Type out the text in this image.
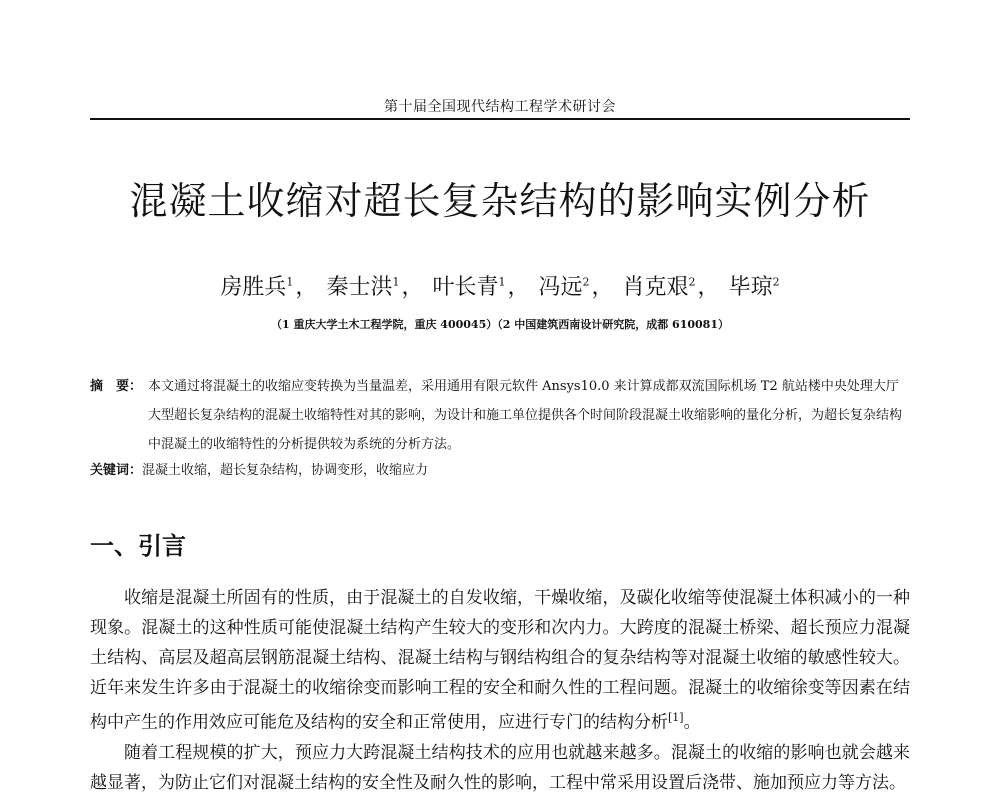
第十届全国现代结构工程学术研讨会
混凝土收缩对超长复杂结构的影响实例分析
房胜兵$^1$， 秦士洪$^1$， 叶长青$^1$， 冯远$^2$， 肖克艰$^2$， 毕琼$^2$
（1 重庆大学土木工程学院，重庆 400045）（2 中国建筑西南设计研究院，成都 610081）
摘　要： 本文通过将混凝土的收缩应变转换为当量温差，采用通用有限元软件 Ansys10.0 来计算成都双流国际机场 T2 航站楼中央处理大厅大型超长复杂结构的混凝土收缩特性对其的影响，为设计和施工单位提供各个时间阶段混凝土收缩影响的量化分析，为超长复杂结构中混凝土的收缩特性的分析提供较为系统的分析方法。
关键词：混凝土收缩，超长复杂结构，协调变形，收缩应力
一、引言

收缩是混凝土所固有的性质，由于混凝土的自发收缩，干燥收缩，及碳化收缩等使混凝土体积减小的一种现象。混凝土的这种性质可能使混凝土结构产生较大的变形和次内力。大跨度的混凝土桥梁、超长预应力混凝土结构、高层及超高层钢筋混凝土结构、混凝土结构与钢结构组合的复杂结构等对混凝土收缩的敏感性较大。近年来发生许多由于混凝土的收缩徐变而影响工程的安全和耐久性的工程问题。混凝土的收缩徐变等因素在结构中产生的作用效应可能危及结构的安全和正常使用，应进行专门的结构分析[1]。

随着工程规模的扩大，预应力大跨混凝土结构技术的应用也就越来越多。混凝土的收缩的影响也就会越来越显著，为防止它们对混凝土结构的安全性及耐久性的影响，工程中常采用设置后浇带、施加预应力等方法。
